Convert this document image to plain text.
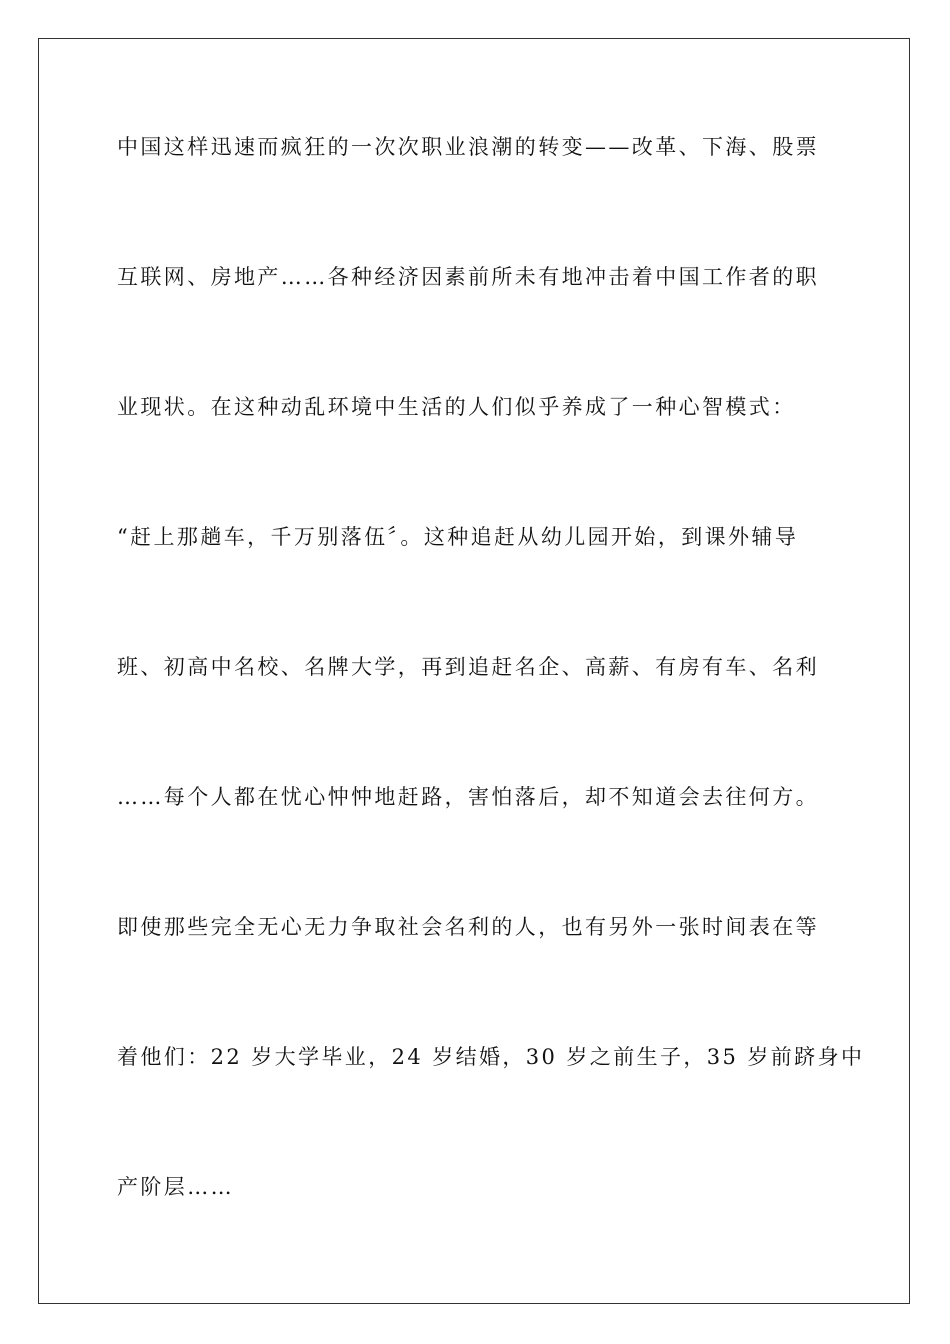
中国这样迅速而疯狂的一次次职业浪潮的转变——改革、下海、股票
互联网、房地产……各种经济因素前所未有地冲击着中国工作者的职
业现状。在这种动乱环境中生活的人们似乎养成了一种心智模式：
“赶上那趟车，千万别落伍〞。这种追赶从幼儿园开始，到课外辅导
班、初高中名校、名牌大学，再到追赶名企、高薪、有房有车、名利
……每个人都在忧心忡忡地赶路，害怕落后，却不知道会去往何方。
即使那些完全无心无力争取社会名利的人，也有另外一张时间表在等
着他们：22 岁大学毕业，24 岁结婚，30 岁之前生子，35 岁前跻身中
产阶层……
